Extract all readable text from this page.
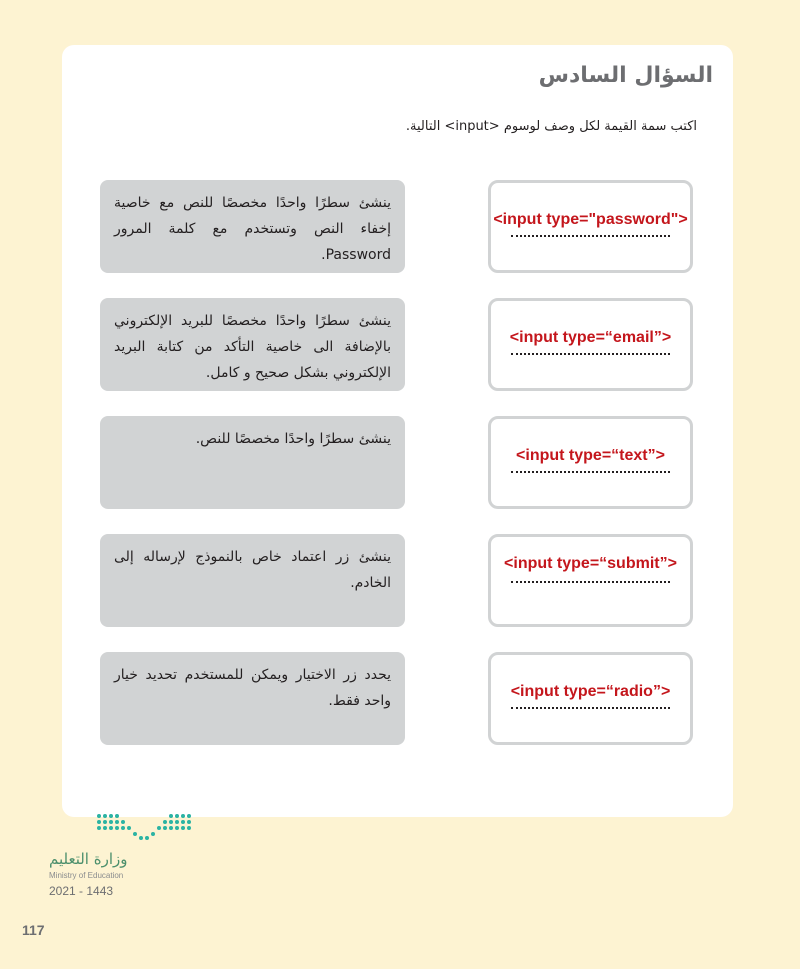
السؤال السادس

اكتب سمة القيمة لكل وصف لوسوم <input> التالية.

ينشئ سطرًا واحدًا مخصصًا للنص مع خاصية إخفاء النص وتستخدم مع كلمة المرور Password.
<input type="password">
ينشئ سطرًا واحدًا مخصصًا للبريد الإلكتروني بالإضافة الى خاصية التأكد من كتابة البريد الإلكتروني بشكل صحيح و كامل.
<input type=“email”>
ينشئ سطرًا واحدًا مخصصًا للنص.
<input type=“text”>
ينشئ زر اعتماد خاص بالنموذج لإرساله إلى الخادم.
<input type=“submit”>
يحدد زر الاختيار ويمكن للمستخدم تحديد خيار واحد فقط.
<input type=“radio”>

وزارة التعليم

Ministry of Education

2021 - 1443

117
